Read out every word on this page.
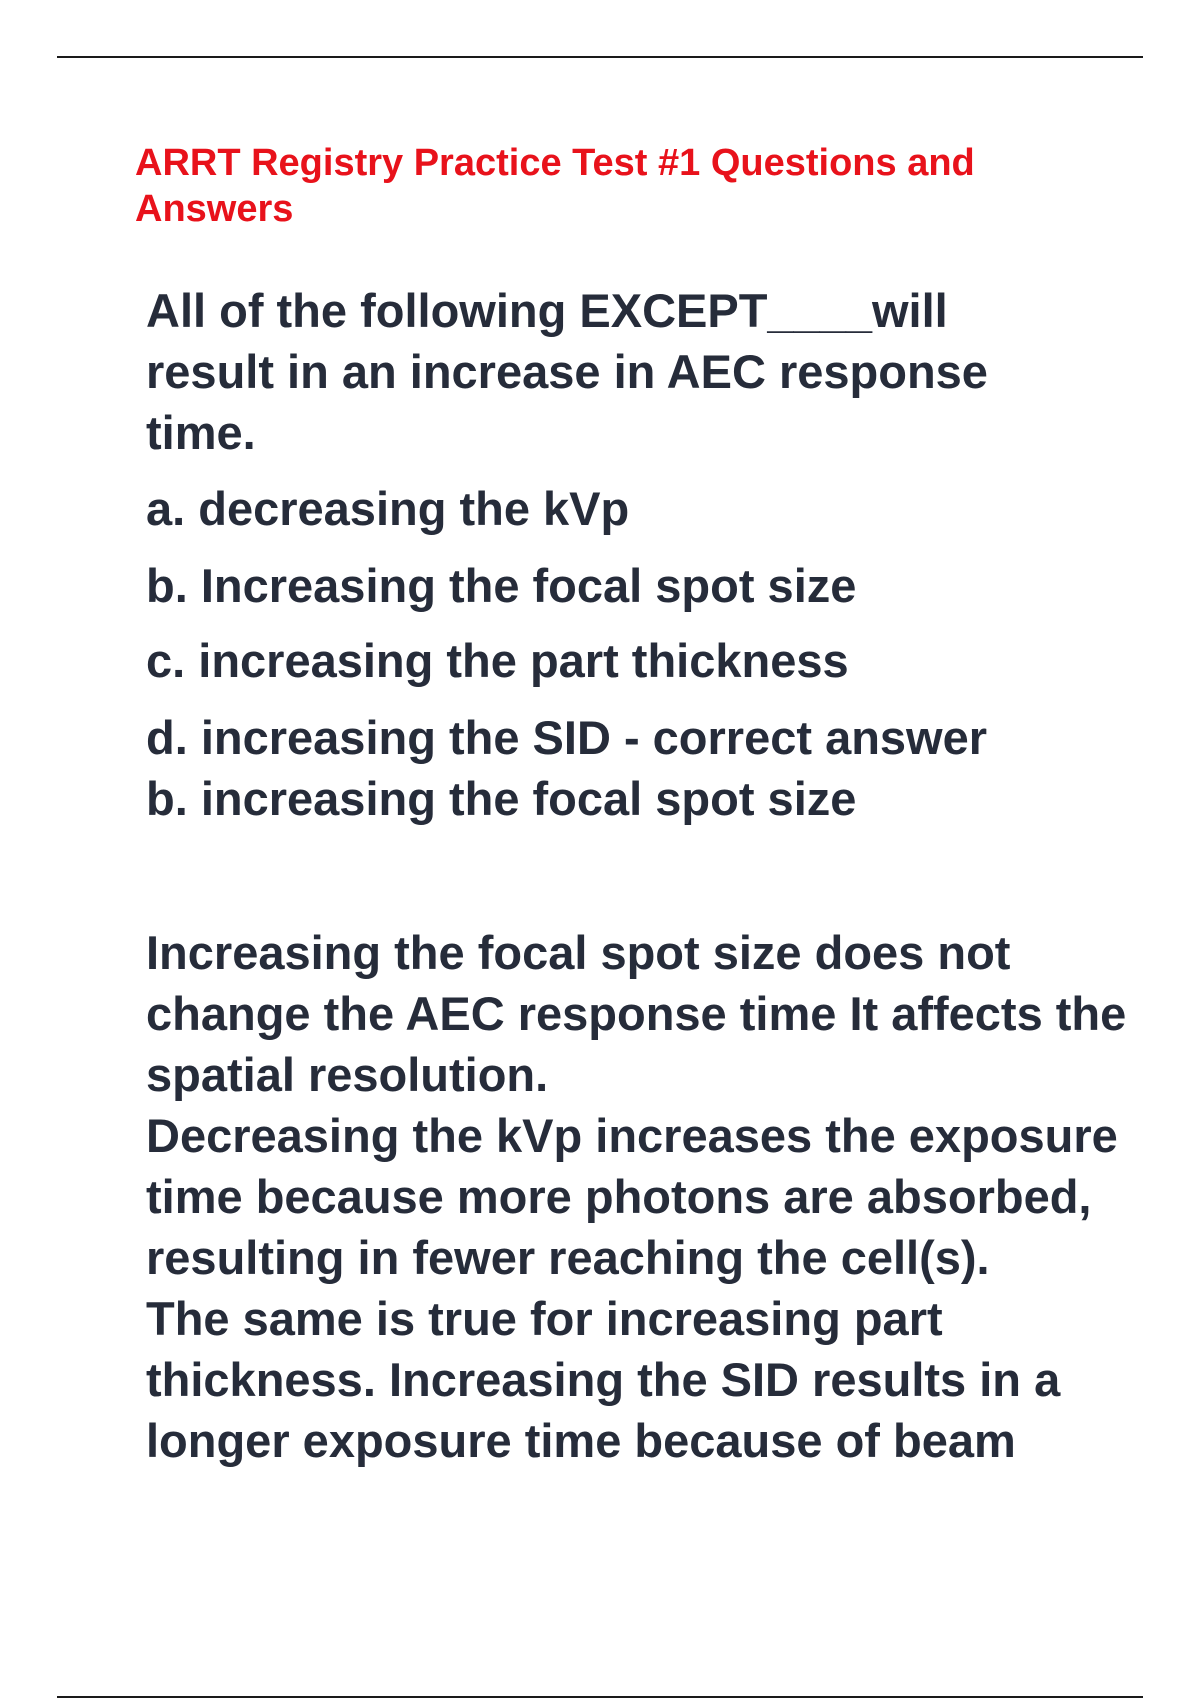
ARRT Registry Practice Test #1 Questions and Answers
All of the following EXCEPT____will result in an increase in AEC response time.
a. decreasing the kVp
b. Increasing the focal spot size
c. increasing the part thickness
d. increasing the SID - correct answer
b. increasing the focal spot size

Increasing the focal spot size does not change the AEC response time It affects the spatial resolution.

Decreasing the kVp increases the exposure time because more photons are absorbed, resulting in fewer reaching the cell(s).

The same is true for increasing part thickness. Increasing the SID results in a longer exposure time because of beam
